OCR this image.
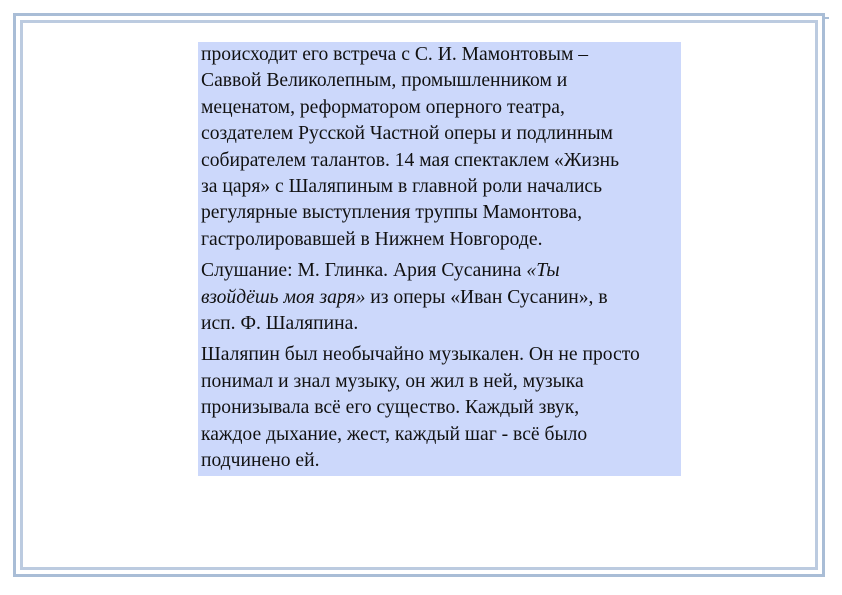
происходит его встреча с С. И. Мамонтовым –
Саввой Великолепным, промышленником и
меценатом, реформатором оперного театра,
создателем Русской Частной оперы и подлинным
собирателем талантов. 14 мая спектаклем «Жизнь
за царя» с Шаляпиным в главной роли начались
регулярные выступления труппы Мамонтова,
гастролировавшей в Нижнем Новгороде.

Слушание: М. Глинка. Ария Сусанина «Ты
взойдёшь моя заря» из оперы «Иван Сусанин», в
исп. Ф. Шаляпина.

Шаляпин был необычайно музыкален. Он не просто
понимал и знал музыку, он жил в ней, музыка
пронизывала всё его существо. Каждый звук,
каждое дыхание, жест, каждый шаг - всё было
подчинено ей.
